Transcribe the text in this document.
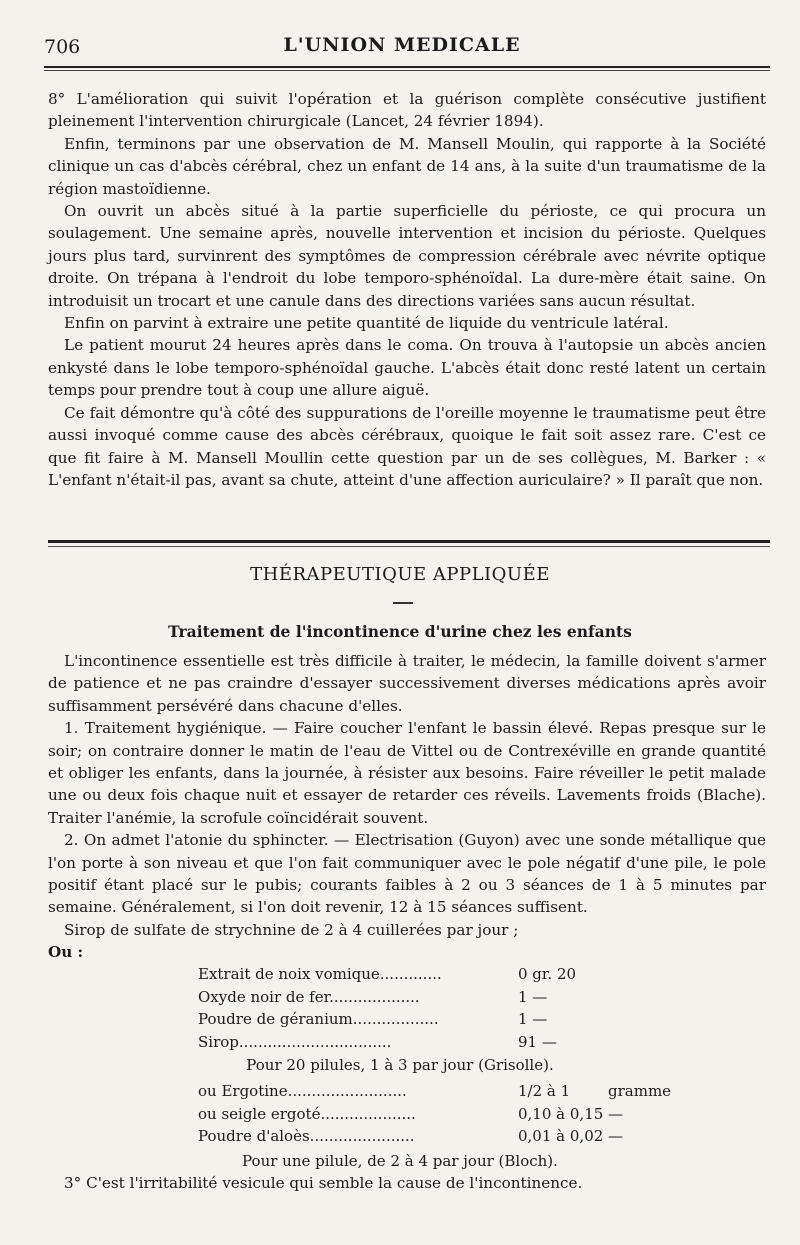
706	L'UNION MEDICALE

8° L'amélioration qui suivit l'opération et la guérison complète consécutive justifient pleinement l'intervention chirurgicale (Lancet, 24 février 1894).

Enfin, terminons par une observation de M. Mansell Moulin, qui rapporte à la Société clinique un cas d'abcès cérébral, chez un enfant de 14 ans, à la suite d'un traumatisme de la région mastoïdienne.

On ouvrit un abcès situé à la partie superficielle du périoste, ce qui procura un soulagement. Une semaine après, nouvelle intervention et incision du périoste. Quelques jours plus tard, survinrent des symptômes de compression cérébrale avec névrite optique droite. On trépana à l'endroit du lobe temporo-sphénoïdal. La dure-mère était saine. On introduisit un trocart et une canule dans des directions variées sans aucun résultat.

Enfin on parvint à extraire une petite quantité de liquide du ventricule latéral.

Le patient mourut 24 heures après dans le coma. On trouva à l'autopsie un abcès ancien enkysté dans le lobe temporo-sphénoïdal gauche. L'abcès était donc resté latent un certain temps pour prendre tout à coup une allure aiguë.

Ce fait démontre qu'à côté des suppurations de l'oreille moyenne le traumatisme peut être aussi invoqué comme cause des abcès cérébraux, quoique le fait soit assez rare. C'est ce que fit faire à M. Mansell Moullin cette question par un de ses collègues, M. Barker : « L'enfant n'était-il pas, avant sa chute, atteint d'une affection auriculaire? » Il paraît que non.

THÉRAPEUTIQUE APPLIQUÉE
Traitement de l'incontinence d'urine chez les enfants

L'incontinence essentielle est très difficile à traiter, le médecin, la famille doivent s'armer de patience et ne pas craindre d'essayer successivement diverses médications après avoir suffisamment persévéré dans chacune d'elles.

1. Traitement hygiénique. — Faire coucher l'enfant le bassin élevé. Repas presque sur le soir; on contraire donner le matin de l'eau de Vittel ou de Contrexéville en grande quantité et obliger les enfants, dans la journée, à résister aux besoins. Faire réveiller le petit malade une ou deux fois chaque nuit et essayer de retarder ces réveils. Lavements froids (Blache). Traiter l'anémie, la scrofule coïncidérait souvent.

2. On admet l'atonie du sphincter. — Electrisation (Guyon) avec une sonde métallique que l'on porte à son niveau et que l'on fait communiquer avec le pole négatif d'une pile, le pole positif étant placé sur le pubis; courants faibles à 2 ou 3 séances de 1 à 5 minutes par semaine. Généralement, si l'on doit revenir, 12 à 15 séances suffisent.

Sirop de sulfate de strychnine de 2 à 4 cuillerées par jour ;

Ou :

Extrait de noix vomique.............	0 gr. 20
Oxyde noir de fer...................	1 —
Poudre de géranium..................	1 —
Sirop................................	91 —
Pour 20 pilules, 1 à 3 par jour (Grisolle).
ou Ergotine.........................	1/2 à 1	gramme
ou seigle ergoté....................	0,10 à 0,15 —
Poudre d'aloès......................	0,01 à 0,02 —
Pour une pilule, de 2 à 4 par jour (Bloch).

3° C'est l'irritabilité vesicule qui semble la cause de l'incontinence.
